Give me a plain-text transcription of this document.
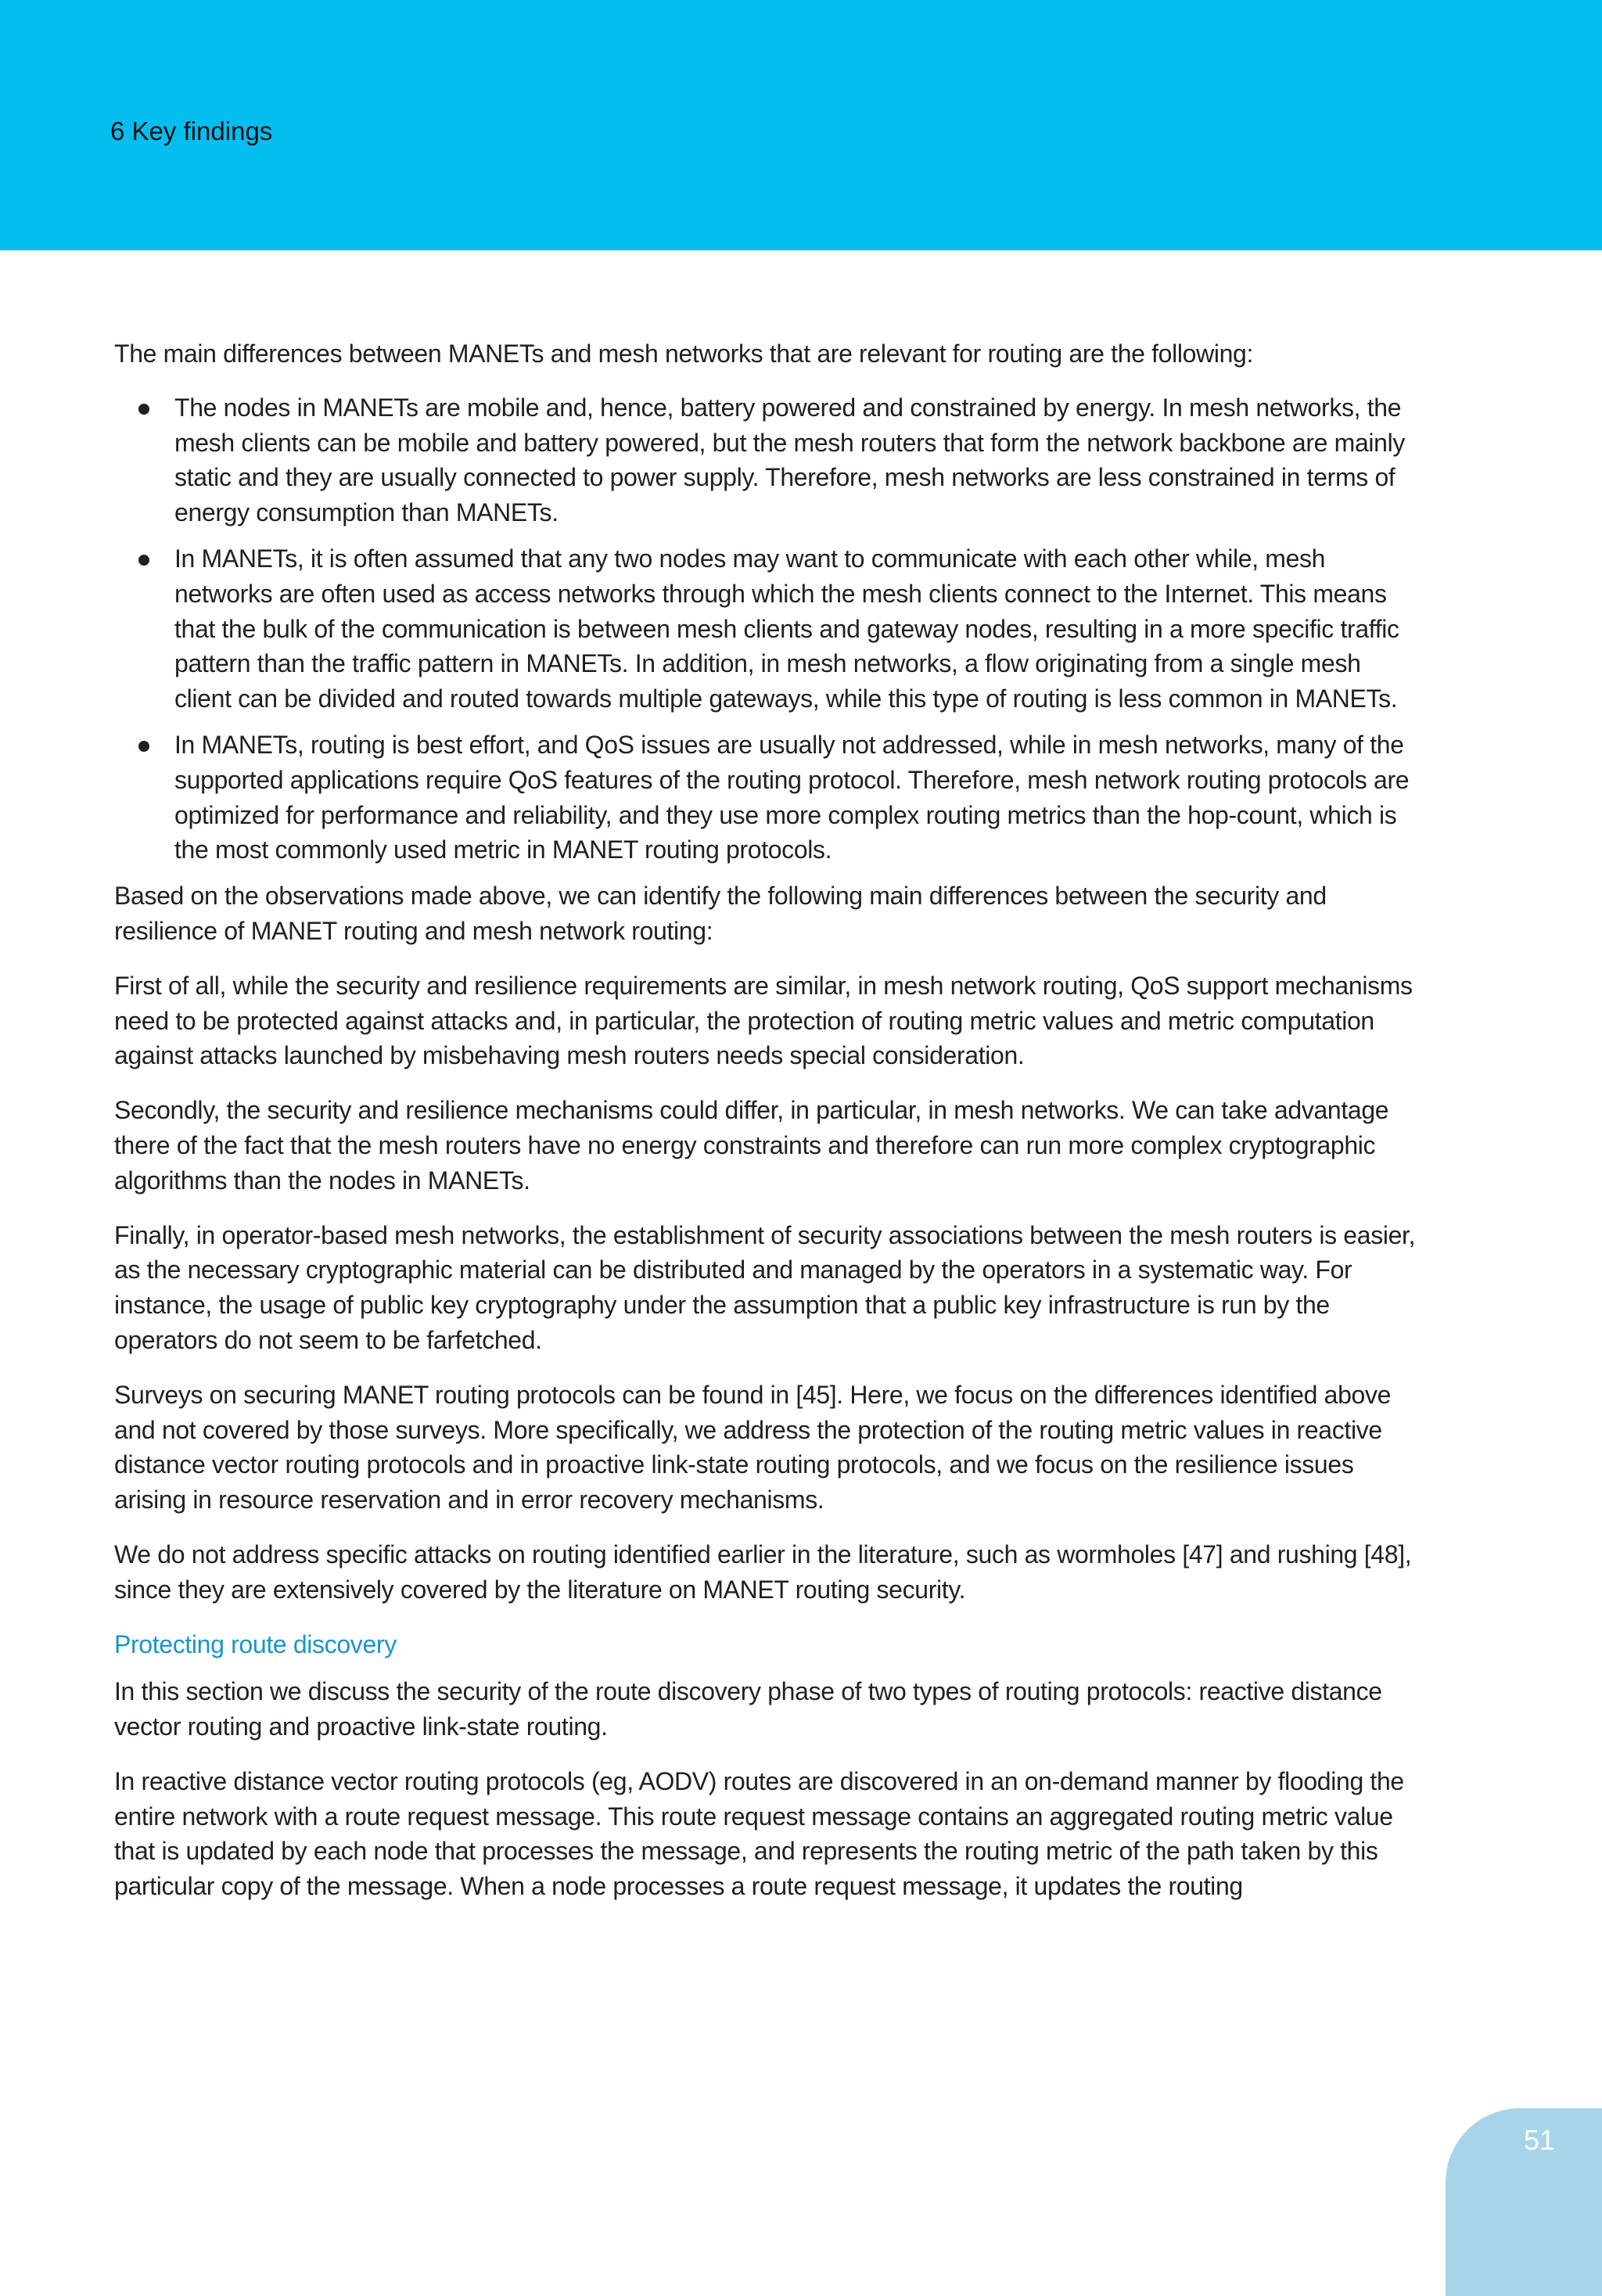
6 Key findings

The main differences between MANETs and mesh networks that are relevant for routing are the following:

The nodes in MANETs are mobile and, hence, battery powered and constrained by energy. In mesh networks, the mesh clients can be mobile and battery powered, but the mesh routers that form the network backbone are mainly static and they are usually connected to power supply. Therefore, mesh networks are less constrained in terms of energy consumption than MANETs.
In MANETs, it is often assumed that any two nodes may want to communicate with each other while, mesh networks are often used as access networks through which the mesh clients connect to the Internet. This means that the bulk of the communication is between mesh clients and gateway nodes, resulting in a more specific traffic pattern than the traffic pattern in MANETs. In addition, in mesh networks, a flow originating from a single mesh client can be divided and routed towards multiple gateways, while this type of routing is less common in MANETs.
In MANETs, routing is best effort, and QoS issues are usually not addressed, while in mesh networks, many of the supported applications require QoS features of the routing protocol. Therefore, mesh network routing protocols are optimized for performance and reliability, and they use more complex routing metrics than the hop-count, which is the most commonly used metric in MANET routing protocols.

Based on the observations made above, we can identify the following main differences between the security and resilience of MANET routing and mesh network routing:

First of all, while the security and resilience requirements are similar, in mesh network routing, QoS support mechanisms need to be protected against attacks and, in particular, the protection of routing metric values and metric computation against attacks launched by misbehaving mesh routers needs special consideration.

Secondly, the security and resilience mechanisms could differ, in particular, in mesh networks. We can take advantage there of the fact that the mesh routers have no energy constraints and therefore can run more complex cryptographic algorithms than the nodes in MANETs.

Finally, in operator-based mesh networks, the establishment of security associations between the mesh routers is easier, as the necessary cryptographic material can be distributed and managed by the operators in a systematic way. For instance, the usage of public key cryptography under the assumption that a public key infrastructure is run by the operators do not seem to be farfetched.

Surveys on securing MANET routing protocols can be found in [45]. Here, we focus on the differences identified above and not covered by those surveys. More specifically, we address the protection of the routing metric values in reactive distance vector routing protocols and in proactive link-state routing protocols, and we focus on the resilience issues arising in resource reservation and in error recovery mechanisms.

We do not address specific attacks on routing identified earlier in the literature, such as wormholes [47] and rushing [48], since they are extensively covered by the literature on MANET routing security.

Protecting route discovery

In this section we discuss the security of the route discovery phase of two types of routing protocols: reactive distance vector routing and proactive link-state routing.

In reactive distance vector routing protocols (eg, AODV) routes are discovered in an on-demand manner by flooding the entire network with a route request message. This route request message contains an aggregated routing metric value that is updated by each node that processes the message, and represents the routing metric of the path taken by this particular copy of the message. When a node processes a route request message, it updates the routing

51
